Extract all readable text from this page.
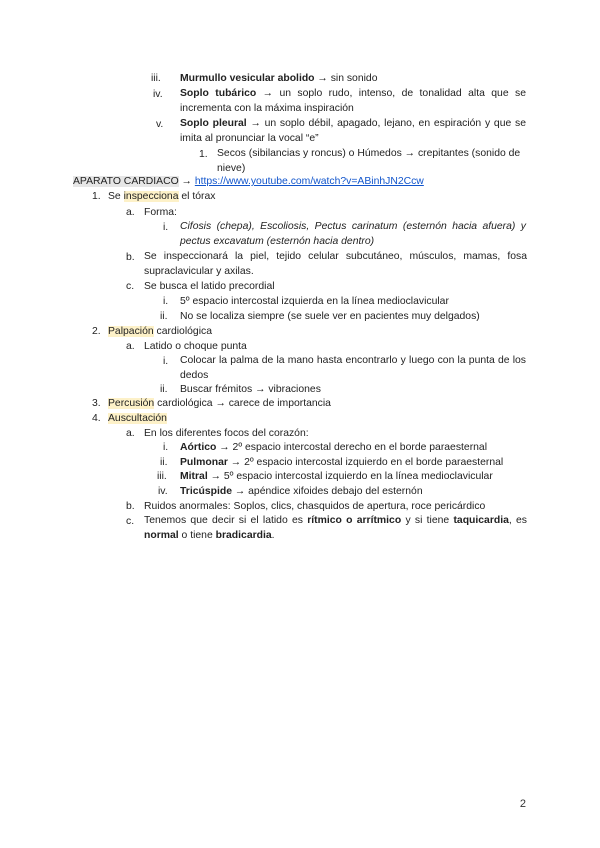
iii. Murmullo vesicular abolido → sin sonido
iv. Soplo tubárico → un soplo rudo, intenso, de tonalidad alta que se incrementa con la máxima inspiración
v. Soplo pleural → un soplo débil, apagado, lejano, en espiración y que se imita al pronunciar la vocal “e”
1. Secos (sibilancias y roncus) o Húmedos → crepitantes (sonido de nieve)
APARATO CARDIACO → https://www.youtube.com/watch?v=ABinhJN2Ccw
1. Se inspecciona el tórax
a. Forma:
i. Cifosis (chepa), Escoliosis, Pectus carinatum (esternón hacia afuera) y pectus excavatum (esternón hacia dentro)
b. Se inspeccionará la piel, tejido celular subcutáneo, músculos, mamas, fosa supraclavicular y axilas.
c. Se busca el latido precordial
i. 5º espacio intercostal izquierda en la línea medioclavicular
ii. No se localiza siempre (se suele ver en pacientes muy delgados)
2. Palpación cardiológica
a. Latido o choque punta
i. Colocar la palma de la mano hasta encontrarlo y luego con la punta de los dedos
ii. Buscar frémitos → vibraciones
3. Percusión cardiológica → carece de importancia
4. Auscultación
a. En los diferentes focos del corazón:
i. Aórtico → 2º espacio intercostal derecho en el borde paraesternal
ii. Pulmonar → 2º espacio intercostal izquierdo en el borde paraesternal
iii. Mitral → 5º espacio intercostal izquierdo en la línea medioclavicular
iv. Tricúspide → apéndice xifoides debajo del esternón
b. Ruidos anormales: Soplos, clics, chasquidos de apertura, roce pericárdico
c. Tenemos que decir si el latido es rítmico o arrítmico y si tiene taquicardia, es normal o tiene bradicardia.
2
